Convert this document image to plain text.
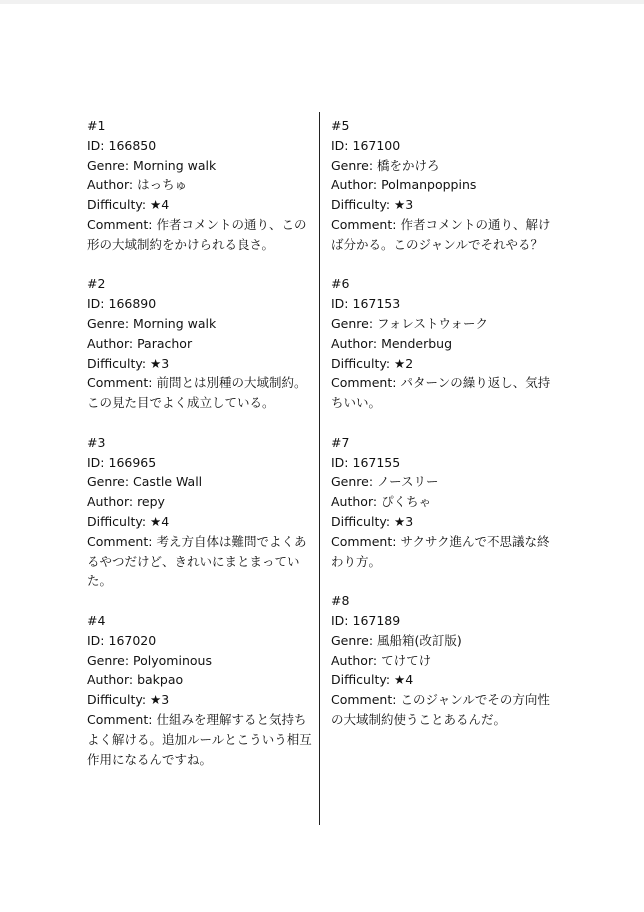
#1
ID: 166850
Genre: Morning walk
Author: はっちゅ
Difficulty: ★4
Comment: 作者コメントの通り、この形の大域制約をかけられる良さ。
#2
ID: 166890
Genre: Morning walk
Author: Parachor
Difficulty: ★3
Comment: 前問とは別種の大域制約。この見た目でよく成立している。
#3
ID: 166965
Genre: Castle Wall
Author: repy
Difficulty: ★4
Comment: 考え方自体は難問でよくあるやつだけど、きれいにまとまっていた。
#4
ID: 167020
Genre: Polyominous
Author: bakpao
Difficulty: ★3
Comment: 仕組みを理解すると気持ちよく解ける。追加ルールとこういう相互作用になるんですね。
#5
ID: 167100
Genre: 橋をかけろ
Author: Polmanpoppins
Difficulty: ★3
Comment: 作者コメントの通り、解けば分かる。このジャンルでそれやる？
#6
ID: 167153
Genre: フォレストウォーク
Author: Menderbug
Difficulty: ★2
Comment: パターンの繰り返し、気持ちいい。
#7
ID: 167155
Genre: ノースリー
Author: ぴくちゃ
Difficulty: ★3
Comment: サクサク進んで不思議な終わり方。
#8
ID: 167189
Genre: 風船箱(改訂版)
Author: てけてけ
Difficulty: ★4
Comment: このジャンルでその方向性の大域制約使うことあるんだ。
